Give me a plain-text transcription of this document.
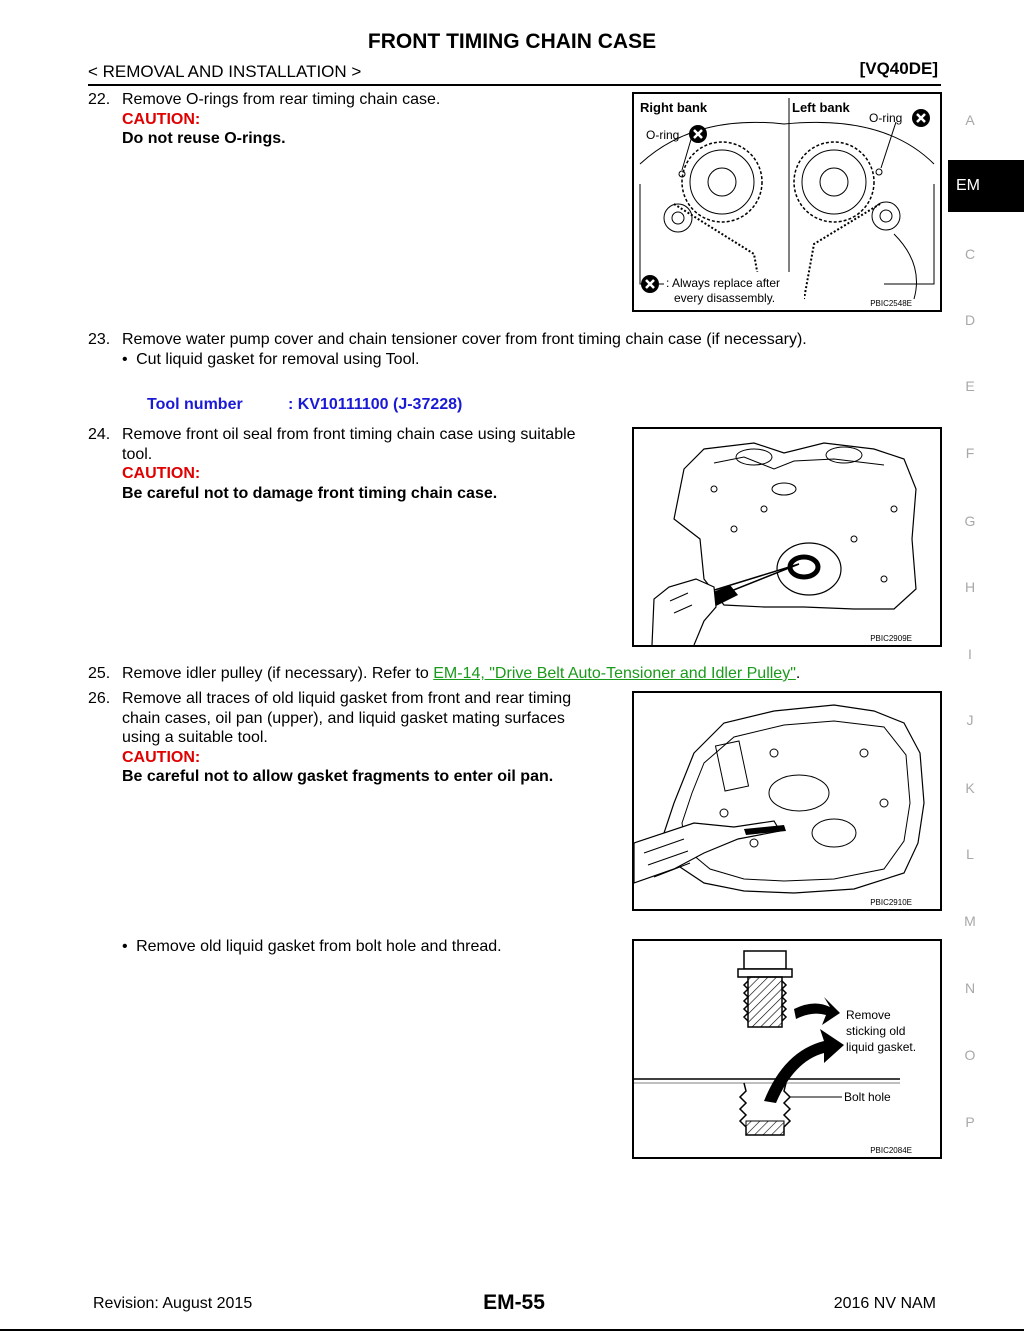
FRONT TIMING CHAIN CASE
< REMOVAL AND INSTALLATION >	[VQ40DE]
22. Remove O-rings from rear timing chain case.
CAUTION:
Do not reuse O-rings.
Right bank	Left bank
O-ring
O-ring
: Always replace after
every disassembly.	PBIC2548E
23. Remove water pump cover and chain tensioner cover from front timing chain case (if necessary).
• Cut liquid gasket for removal using Tool.
Tool number	: KV10111100 (J-37228)
24. Remove front oil seal from front timing chain case using suitable
tool.
CAUTION:
Be careful not to damage front timing chain case.
PBIC2909E
25. Remove idler pulley (if necessary). Refer to EM-14, "Drive Belt Auto-Tensioner and Idler Pulley".
26. Remove all traces of old liquid gasket from front and rear timing
chain cases, oil pan (upper), and liquid gasket mating surfaces
using a suitable tool.
CAUTION:
Be careful not to allow gasket fragments to enter oil pan.
PBIC2910E
• Remove old liquid gasket from bolt hole and thread.
Remove
sticking old
liquid gasket.
Bolt hole
PBIC2084E
A
EM
C
D
E
F
G
H
I
J
K
L
M
N
O
P
Revision: August 2015	EM-55	2016 NV NAM
